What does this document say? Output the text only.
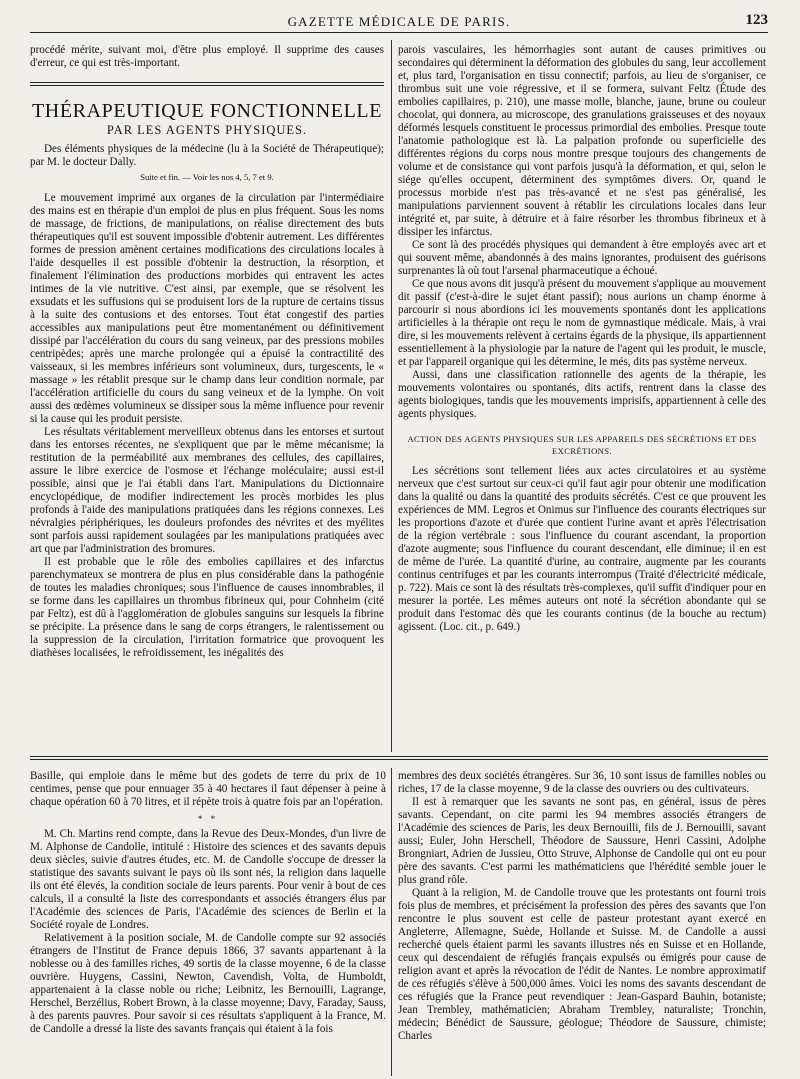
GAZETTE MÉDICALE DE PARIS.	123

procédé mérite, suivant moi, d'être plus employé. Il supprime des causes d'erreur, ce qui est très-important.

THÉRAPEUTIQUE FONCTIONNELLE
PAR LES AGENTS PHYSIQUES.

Des éléments physiques de la médecine (lu à la Société de Thérapeutique); par M. le docteur Dally.

Suite et fin. — Voir les nos 4, 5, 7 et 9.

Le mouvement imprimé aux organes de la circulation par l'intermédiaire des mains est en thérapie d'un emploi de plus en plus fréquent. Sous les noms de massage, de frictions, de manipulations, on réalise directement des buts thérapeutiques qu'il est souvent impossible d'obtenir autrement. Les différentes formes de pression amènent certaines modifications des circulations locales à l'aide desquelles il est possible d'obtenir la destruction, la résorption, et finalement l'élimination des productions morbides qui entravent les actes intimes de la vie nutritive. C'est ainsi, par exemple, que se résolvent les exsudats et les suffusions qui se produisent lors de la rupture de certains tissus à la suite des contusions et des entorses. Tout état congestif des parties accessibles aux manipulations peut être momentanément ou définitivement dissipé par l'accélération du cours du sang veineux, par des pressions mobiles centripèdes; après une marche prolongée qui a épuisé la contractilité des vaisseaux, si les membres inférieurs sont volumineux, durs, turgescents, le « massage » les rétablit presque sur le champ dans leur condition normale, par l'accélération artificielle du cours du sang veineux et de la lymphe. On voit aussi des œdèmes volumineux se dissiper sous la même influence pour revenir si la cause qui les produit persiste.

Les résultats véritablement merveilleux obtenus dans les entorses et surtout dans les entorses récentes, ne s'expliquent que par le même mécanisme; la restitution de la perméabilité aux membranes des cellules, des capillaires, assure le libre exercice de l'osmose et l'échange moléculaire; aussi est-il possible, ainsi que je l'ai établi dans l'art. Manipulations du Dictionnaire encyclopédique, de modifier indirectement les procès morbides les plus profonds à l'aide des manipulations pratiquées dans les régions connexes. Les névralgies périphériques, les douleurs profondes des névrites et des myélites sont parfois aussi rapidement soulagées par les manipulations pratiquées avec art que par l'administration des bromures.

Il est probable que le rôle des embolies capillaires et des infarctus parenchymateux se montrera de plus en plus considérable dans la pathogénie de toutes les maladies chroniques; sous l'influence de causes innombrables, il se forme dans les capillaires un thrombus fibrineux qui, pour Cohnheim (cité par Feltz), est dû à l'agglomération de globules sanguins sur lesquels la fibrine se précipite. La présence dans le sang de corps étrangers, le ralentissement ou la suppression de la circulation, l'irritation formatrice que provoquent les diathèses localisées, le refroidissement, les inégalités des

parois vasculaires, les hémorrhagies sont autant de causes primitives ou secondaires qui déterminent la déformation des globules du sang, leur accollement et, plus tard, l'organisation en tissu connectif; parfois, au lieu de s'organiser, ce thrombus suit une voie régressive, et il se formera, suivant Feltz (Étude des embolies capillaires, p. 210), une masse molle, blanche, jaune, brune ou couleur chocolat, qui donnera, au microscope, des granulations graisseuses et des noyaux déformés lesquels constituent le processus primordial des embolies. Presque toute l'anatomie pathologique est là. La palpation profonde ou superficielle des différentes régions du corps nous montre presque toujours des changements de volume et de consistance qui vont parfois jusqu'à la déformation, et qui, selon le siége qu'elles occupent, déterminent des symptômes divers. Or, quand le processus morbide n'est pas très-avancé et ne s'est pas généralisé, les manipulations parviennent souvent à rétablir les circulations locales dans leur intégrité et, par suite, à détruire et à faire résorber les thrombus fibrineux et à dissiper les infarctus.

Ce sont là des procédés physiques qui demandent à être employés avec art et qui souvent même, abandonnés à des mains ignorantes, produisent des guérisons surprenantes là où tout l'arsenal pharmaceutique a échoué.

Ce que nous avons dit jusqu'à présent du mouvement s'applique au mouvement dit passif (c'est-à-dire le sujet étant passif); nous aurions un champ énorme à parcourir si nous abordions ici les mouvements spontanés dont les applications artificielles à la thérapie ont reçu le nom de gymnastique médicale. Mais, à vrai dire, si les mouvements relèvent à certains égards de la physique, ils appartiennent essentiellement à la physiologie par la nature de l'agent qui les produit, le muscle, et par l'appareil organique qui les détermine, le més, dits pas système nerveux.

Aussi, dans une classification rationnelle des agents de la thérapie, les mouvements volontaires ou spontanés, dits actifs, rentrent dans la classe des agents biologiques, tandis que les mouvements imprisifs, appartiennent à celle des agents physiques.

ACTION DES AGENTS PHYSIQUES SUR LES APPAREILS DES SÉCRÉTIONS ET DES EXCRÉTIONS.

Les sécrétions sont tellement liées aux actes circulatoires et au système nerveux que c'est surtout sur ceux-ci qu'il faut agir pour obtenir une modification dans la qualité ou dans la quantité des produits sécrétés. C'est ce que prouvent les expériences de MM. Legros et Onimus sur l'influence des courants électriques sur les proportions d'azote et d'urée que contient l'urine avant et après l'électrisation de la région vertébrale : sous l'influence du courant ascendant, la proportion d'azote augmente; sous l'influence du courant descendant, elle diminue; il en est de même de l'urée. La quantité d'urine, au contraire, augmente par les courants continus centrifuges et par les courants interrompus (Traité d'électricité médicale, p. 722). Mais ce sont là des résultats très-complexes, qu'il suffit d'indiquer pour en mesurer la portée. Les mêmes auteurs ont noté la sécrétion abondante qui se produit dans l'estomac dès que les courants continus (de la bouche au rectum) agissent. (Loc. cit., p. 649.)

Basille, qui emploie dans le même but des godets de terre du prix de 10 centimes, pense que pour ennuager 35 à 40 hectares il faut dépenser à peine à chaque opération 60 à 70 litres, et il répète trois à quatre fois par an l'opération.

* *

M. Ch. Martins rend compte, dans la Revue des Deux-Mondes, d'un livre de M. Alphonse de Candolle, intitulé : Histoire des sciences et des savants depuis deux siècles, suivie d'autres études, etc. M. de Candolle s'occupe de dresser la statistique des savants suivant le pays où ils sont nés, la religion dans laquelle ils ont été élevés, la condition sociale de leurs parents. Pour venir à bout de ces calculs, il a consulté la liste des correspondants et associés étrangers élus par l'Académie des sciences de Paris, l'Académie des sciences de Berlin et la Société royale de Londres.

Relativement à la position sociale, M. de Candolle compte sur 92 associés étrangers de l'Institut de France depuis 1866, 37 savants appartenant à la noblesse ou à des familles riches, 49 sortis de la classe moyenne, 6 de la classe ouvrière. Huygens, Cassini, Newton, Cavendish, Volta, de Humboldt, appartenaient à la classe noble ou riche; Leibnitz, les Bernouilli, Lagrange, Herschel, Berzélius, Robert Brown, à la classe moyenne; Davy, Faraday, Sauss, à des parents pauvres. Pour savoir si ces résultats s'appliquent à la France, M. de Candolle a dressé la liste des savants français qui étaient à la fois

membres des deux sociétés étrangères. Sur 36, 10 sont issus de familles nobles ou riches, 17 de la classe moyenne, 9 de la classe des ouvriers ou des cultivateurs.

Il est à remarquer que les savants ne sont pas, en général, issus de pères savants. Cependant, on cite parmi les 94 membres associés étrangers de l'Académie des sciences de Paris, les deux Bernouilli, fils de J. Bernouilli, savant aussi; Euler, John Herschell, Théodore de Saussure, Henri Cassini, Adolphe Brongniart, Adrien de Jussieu, Otto Struve, Alphonse de Candolle qui ont eu pour père des savants. C'est parmi les mathématiciens que l'hérédité semble jouer le plus grand rôle.

Quant à la religion, M. de Candolle trouve que les protestants ont fourni trois fois plus de membres, et précisément la profession des pères des savants que l'on rencontre le plus souvent est celle de pasteur protestant ayant exercé en Angleterre, Allemagne, Suède, Hollande et Suisse. M. de Candolle a aussi recherché quels étaient parmi les savants illustres nés en Suisse et en Hollande, ceux qui descendaient de réfugiés français expulsés ou émigrés pour cause de religion avant et après la révocation de l'édit de Nantes. Le nombre approximatif de ces réfugiés s'élève à 500,000 âmes. Voici les noms des savants descendant de ces réfugiés que la France peut revendiquer : Jean-Gaspard Bauhin, botaniste; Jean Trembley, mathématicien; Abraham Trembley, naturaliste; Tronchin, médecin; Bénédict de Saussure, géologue; Théodore de Saussure, chimiste; Charles
